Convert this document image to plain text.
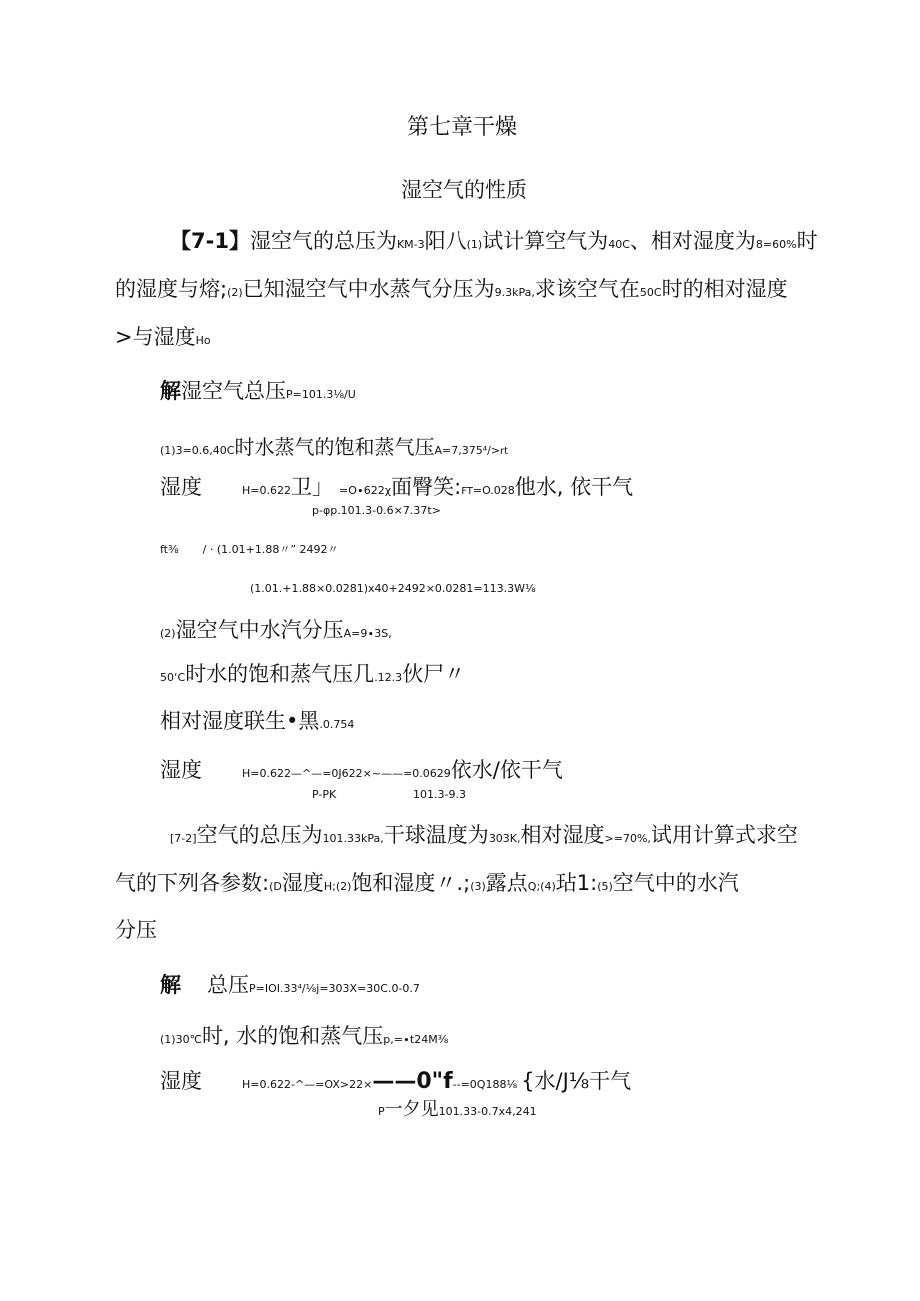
第七章干燥
湿空气的性质
【7-1】湿空气的总压为KM-3阳八(1)试计算空气为40C、相对湿度为8=60%时
的湿度与熔;(2)已知湿空气中水蒸气分压为9.3kPa,求该空气在50C时的相对湿度
>与湿度Ho
解湿空气总压P=101.3⅛∕U
(1)3=0.6,40C时水蒸气的饱和蒸气压A=7,375⁴∕>rt
湿度	H=0.622卫」 =O∙622χ面臀笑:FT=O.028他水, 依干气
p-φp.101.3-0.6×7.37t>
ft⅜ / · (1.01+1.88〃” 2492〃
(1.01.+1.88×0.0281)x40+2492×0.0281=113.3W⅛
(2)湿空气中水汽分压A=9∙3S,
50‘C时水的饱和蒸气压几.12.3伙尸〃
相对湿度联生•黑.0.754
湿度	H=0.622—^—=0J622×~——=0.0629依水/依干气
P-PK	101.3-9.3
[7-2]空气的总压为101.33kPa,干球温度为303K,相对湿度>=70%,试用计算式求空
气的下列各参数:(D湿度H;(2)饱和湿度〃.;(3)露点Q;(4)玷1:(5)空气中的水汽
分压
解 总压P=IOI.33⁴∕⅛j=303X=30C.0-0.7
(1)30℃时, 水的饱和蒸气压p,=∙t24M⅜
湿度	H=0.622-^—=OX>22×——0"f--=0Q188⅛ {水/J⅛干气
P一夕见101.33-0.7x4,241
